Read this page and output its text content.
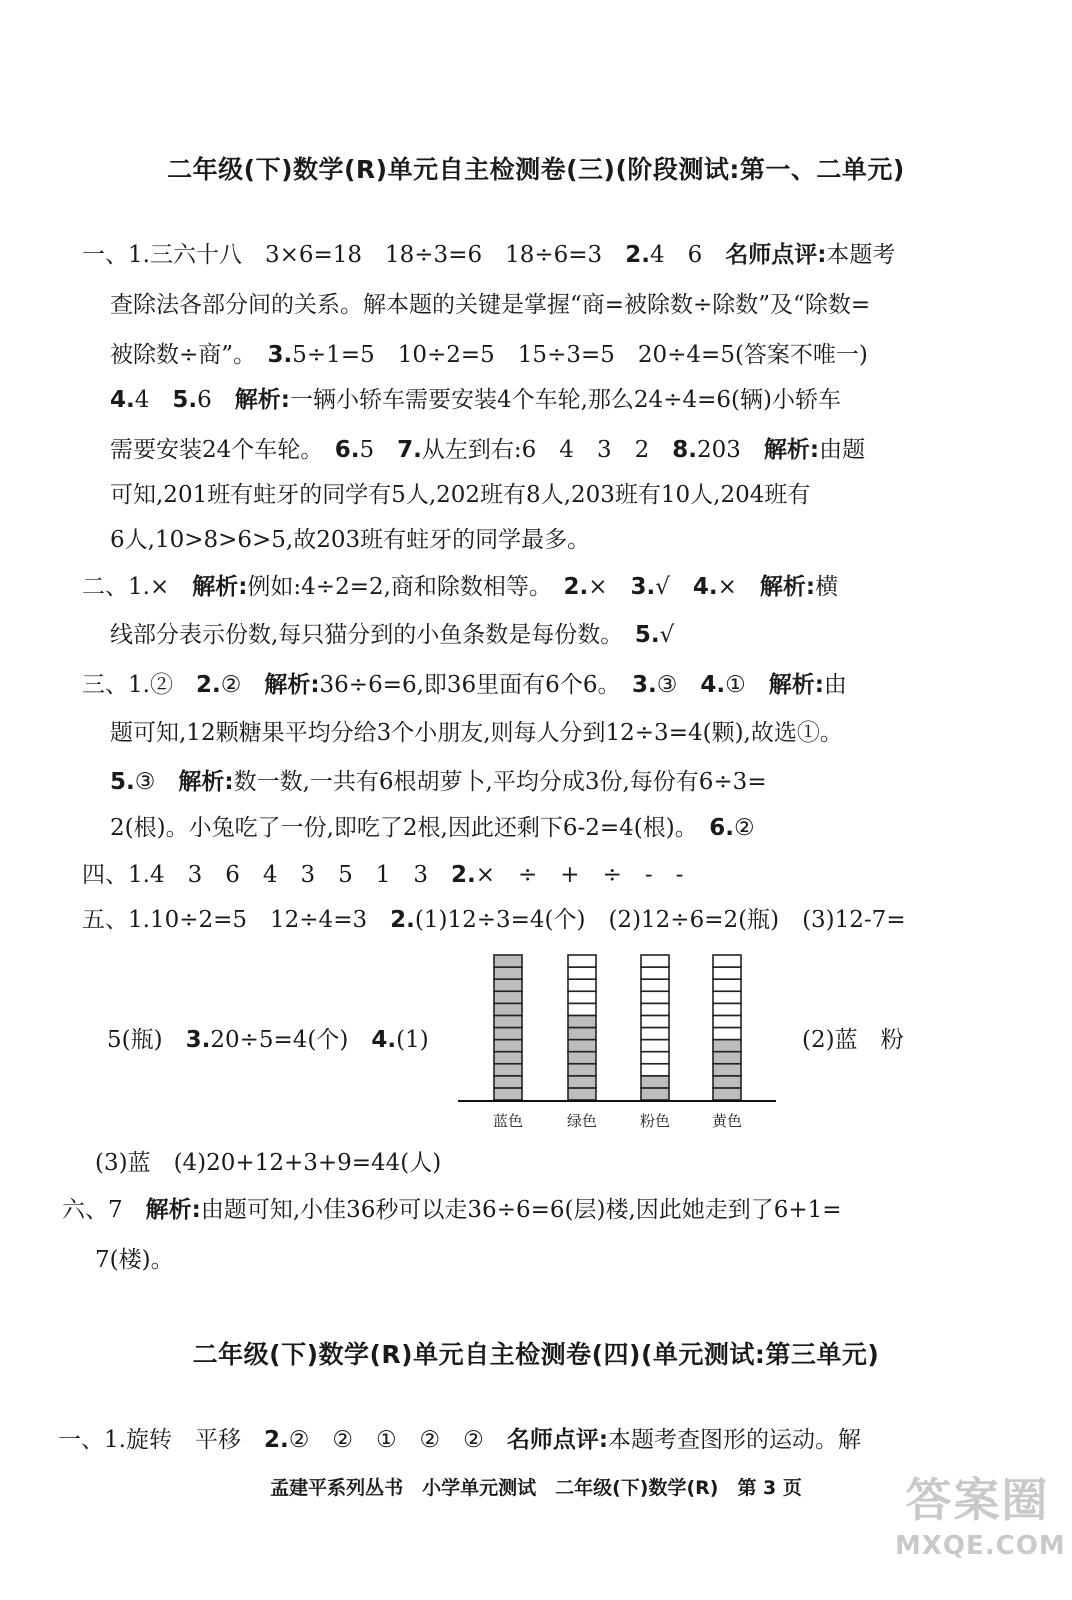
二年级(下)数学(R)单元自主检测卷(三)(阶段测试:第一、二单元)
一、1.三六十八　3×6=18　18÷3=6　18÷6=3　2.4　6　名师点评:本题考
查除法各部分间的关系。解本题的关键是掌握“商=被除数÷除数”及“除数=
被除数÷商”。　3.5÷1=5　10÷2=5　15÷3=5　20÷4=5(答案不唯一)
4.4　5.6　解析:一辆小轿车需要安装4个车轮,那么24÷4=6(辆)小轿车
需要安装24个车轮。　6.5　7.从左到右:6　4　3　2　8.203　解析:由题
可知,201班有蛀牙的同学有5人,202班有8人,203班有10人,204班有
6人,10>8>6>5,故203班有蛀牙的同学最多。
二、1.×　解析:例如:4÷2=2,商和除数相等。　2.×　3.√　4.×　解析:横
线部分表示份数,每只猫分到的小鱼条数是每份数。　5.√
三、1.②　2.②　解析:36÷6=6,即36里面有6个6。　3.③　4.①　解析:由
题可知,12颗糖果平均分给3个小朋友,则每人分到12÷3=4(颗),故选①。
5.③　解析:数一数,一共有6根胡萝卜,平均分成3份,每份有6÷3=
2(根)。小兔吃了一份,即吃了2根,因此还剩下6-2=4(根)。　6.②
四、1.4　3　6　4　3　5　1　3　2.×　÷　+　÷　-　-
五、1.10÷2=5　12÷4=3　2.(1)12÷3=4(个)　(2)12÷6=2(瓶)　(3)12-7=
5(瓶)　3.20÷5=4(个)　4.(1)
蓝色	绿色	粉色	黄色
(2)蓝　粉
(3)蓝　(4)20+12+3+9=44(人)
六、7　解析:由题可知,小佳36秒可以走36÷6=6(层)楼,因此她走到了6+1=
7(楼)。
二年级(下)数学(R)单元自主检测卷(四)(单元测试:第三单元)
一、1.旋转　平移　2.②　②　①　②　②　名师点评:本题考查图形的运动。解
孟建平系列丛书　小学单元测试　二年级(下)数学(R)　第 3 页	答案圈
MXQE.COM
